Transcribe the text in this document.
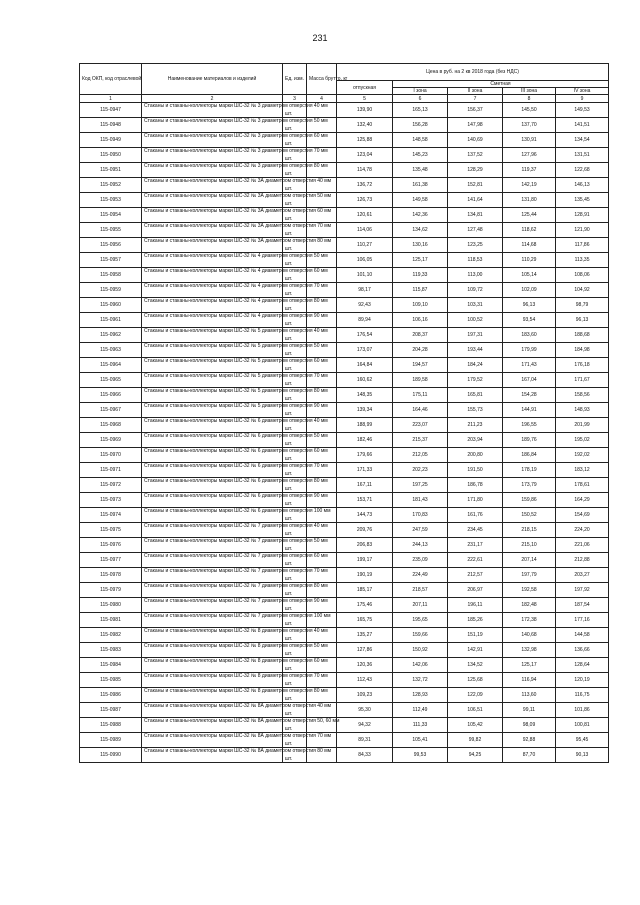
231
Код ОКП, код отраслевой	Наименование материалов и изделий	Ед. изм.	Масса брутто, кг	Цена в руб. на 2 кв 2018 года (без НДС)				
				отпускная	Сметная			
					I зона	II зона	III зона	IV зона
1	2	3	4	5	6	7	8	9
115-0947	Стаканы и стаканы-коллекторы марки ШС-32 № 3 диаметром отверстия 40 мм	шт.		139,90	165,13	156,37	145,50	149,53
115-0948	Стаканы и стаканы-коллекторы марки ШС-32 № 3 диаметром отверстия 50 мм	шт.		132,40	156,28	147,98	137,70	141,51
115-0949	Стаканы и стаканы-коллекторы марки ШС-32 № 3 диаметром отверстия 60 мм	шт.		125,88	148,58	140,69	130,91	134,54
115-0950	Стаканы и стаканы-коллекторы марки ШС-32 № 3 диаметром отверстия 70 мм	шт.		123,04	145,23	137,52	127,96	131,51
115-0951	Стаканы и стаканы-коллекторы марки ШС-32 № 3 диаметром отверстия 80 мм	шт.		114,78	135,48	128,29	119,37	122,68
115-0952	Стаканы и стаканы-коллекторы марки ШС-32 № 3А диаметром отверстия 40 мм	шт.		136,72	161,38	152,81	142,19	146,13
115-0953	Стаканы и стаканы-коллекторы марки ШС-32 № 3А диаметром отверстия 50 мм	шт.		126,73	149,58	141,64	131,80	135,45
115-0954	Стаканы и стаканы-коллекторы марки ШС-32 № 3А диаметром отверстия 60 мм	шт.		120,61	142,36	134,81	125,44	128,91
115-0955	Стаканы и стаканы-коллекторы марки ШС-32 № 3А диаметром отверстия 70 мм	шт.		114,06	134,62	127,48	118,62	121,90
115-0956	Стаканы и стаканы-коллекторы марки ШС-32 № 3А диаметром отверстия 80 мм	шт.		110,27	130,16	123,25	114,68	117,86
115-0957	Стаканы и стаканы-коллекторы марки ШС-32 № 4 диаметром отверстия 50 мм	шт.		106,05	125,17	118,53	110,29	113,35
115-0958	Стаканы и стаканы-коллекторы марки ШС-32 № 4 диаметром отверстия 60 мм	шт.		101,10	119,33	113,00	105,14	108,06
115-0959	Стаканы и стаканы-коллекторы марки ШС-32 № 4 диаметром отверстия 70 мм	шт.		98,17	115,87	109,72	102,09	104,92
115-0960	Стаканы и стаканы-коллекторы марки ШС-32 № 4 диаметром отверстия 80 мм	шт.		92,43	109,10	103,31	96,13	98,79
115-0961	Стаканы и стаканы-коллекторы марки ШС-32 № 4 диаметром отверстия 90 мм	шт.		89,94	106,16	100,52	93,54	96,13
115-0962	Стаканы и стаканы-коллекторы марки ШС-32 № 5 диаметром отверстия 40 мм	шт.		176,54	208,37	197,31	183,60	188,68
115-0963	Стаканы и стаканы-коллекторы марки ШС-32 № 5 диаметром отверстия 50 мм	шт.		173,07	204,28	193,44	179,99	184,98
115-0964	Стаканы и стаканы-коллекторы марки ШС-32 № 5 диаметром отверстия 60 мм	шт.		164,84	194,57	184,24	171,43	176,18
115-0965	Стаканы и стаканы-коллекторы марки ШС-32 № 5 диаметром отверстия 70 мм	шт.		160,62	189,58	179,52	167,04	171,67
115-0966	Стаканы и стаканы-коллекторы марки ШС-32 № 5 диаметром отверстия 80 мм	шт.		148,35	175,11	165,81	154,28	158,56
115-0967	Стаканы и стаканы-коллекторы марки ШС-32 № 5 диаметром отверстия 90 мм	шт.		139,34	164,46	155,73	144,91	148,93
115-0968	Стаканы и стаканы-коллекторы марки ШС-32 № 6 диаметром отверстия 40 мм	шт.		188,99	223,07	211,23	196,55	201,99
115-0969	Стаканы и стаканы-коллекторы марки ШС-32 № 6 диаметром отверстия 50 мм	шт.		182,46	215,37	203,94	189,76	195,02
115-0970	Стаканы и стаканы-коллекторы марки ШС-32 № 6 диаметром отверстия 60 мм	шт.		179,66	212,05	200,80	186,84	192,02
115-0971	Стаканы и стаканы-коллекторы марки ШС-32 № 6 диаметром отверстия 70 мм	шт.		171,33	202,23	191,50	178,19	183,12
115-0972	Стаканы и стаканы-коллекторы марки ШС-32 № 6 диаметром отверстия 80 мм	шт.		167,11	197,25	186,78	173,79	178,61
115-0973	Стаканы и стаканы-коллекторы марки ШС-32 № 6 диаметром отверстия 90 мм	шт.		153,71	181,43	171,80	159,86	164,29
115-0974	Стаканы и стаканы-коллекторы марки ШС-32 № 6 диаметром отверстия 100 мм	шт.		144,73	170,83	161,76	150,52	154,69
115-0975	Стаканы и стаканы-коллекторы марки ШС-32 № 7 диаметром отверстия 40 мм	шт.		209,76	247,59	234,45	218,15	224,20
115-0976	Стаканы и стаканы-коллекторы марки ШС-32 № 7 диаметром отверстия 50 мм	шт.		206,83	244,13	231,17	215,10	221,06
115-0977	Стаканы и стаканы-коллекторы марки ШС-32 № 7 диаметром отверстия 60 мм	шт.		199,17	235,09	222,61	207,14	212,88
115-0978	Стаканы и стаканы-коллекторы марки ШС-32 № 7 диаметром отверстия 70 мм	шт.		190,19	224,49	212,57	197,79	203,27
115-0979	Стаканы и стаканы-коллекторы марки ШС-32 № 7 диаметром отверстия 80 мм	шт.		185,17	218,57	206,97	192,58	197,92
115-0980	Стаканы и стаканы-коллекторы марки ШС-32 № 7 диаметром отверстия 90 мм	шт.		175,46	207,11	196,11	182,48	187,54
115-0981	Стаканы и стаканы-коллекторы марки ШС-32 № 7 диаметром отверстия 100 мм	шт.		165,75	195,65	185,26	172,38	177,16
115-0982	Стаканы и стаканы-коллекторы марки ШС-32 № 8 диаметром отверстия 40 мм	шт.		135,27	159,66	151,19	140,68	144,58
115-0983	Стаканы и стаканы-коллекторы марки ШС-32 № 8 диаметром отверстия 50 мм	шт.		127,86	150,92	142,91	132,98	136,66
115-0984	Стаканы и стаканы-коллекторы марки ШС-32 № 8 диаметром отверстия 60 мм	шт.		120,36	142,06	134,52	125,17	128,64
115-0985	Стаканы и стаканы-коллекторы марки ШС-32 № 8 диаметром отверстия 70 мм	шт.		112,43	132,72	125,68	116,94	120,19
115-0986	Стаканы и стаканы-коллекторы марки ШС-32 № 8 диаметром отверстия 80 мм	шт.		109,23	128,93	122,09	113,60	116,75
115-0987	Стаканы и стаканы-коллекторы марки ШС-32 № 8А диаметром отверстия 40 мм	шт.		95,30	112,49	106,51	99,11	101,86
115-0988	Стаканы и стаканы-коллекторы марки ШС-32 № 8А диаметром отверстия 50, 60 мм	шт.		94,32	111,33	105,42	98,09	100,81
115-0989	Стаканы и стаканы-коллекторы марки ШС-32 № 8А диаметром отверстия 70 мм	шт.		89,31	105,41	99,82	92,88	95,45
115-0990	Стаканы и стаканы-коллекторы марки ШС-32 № 8А диаметром отверстия 80 мм	шт.		84,33	99,53	94,25	87,70	90,13
